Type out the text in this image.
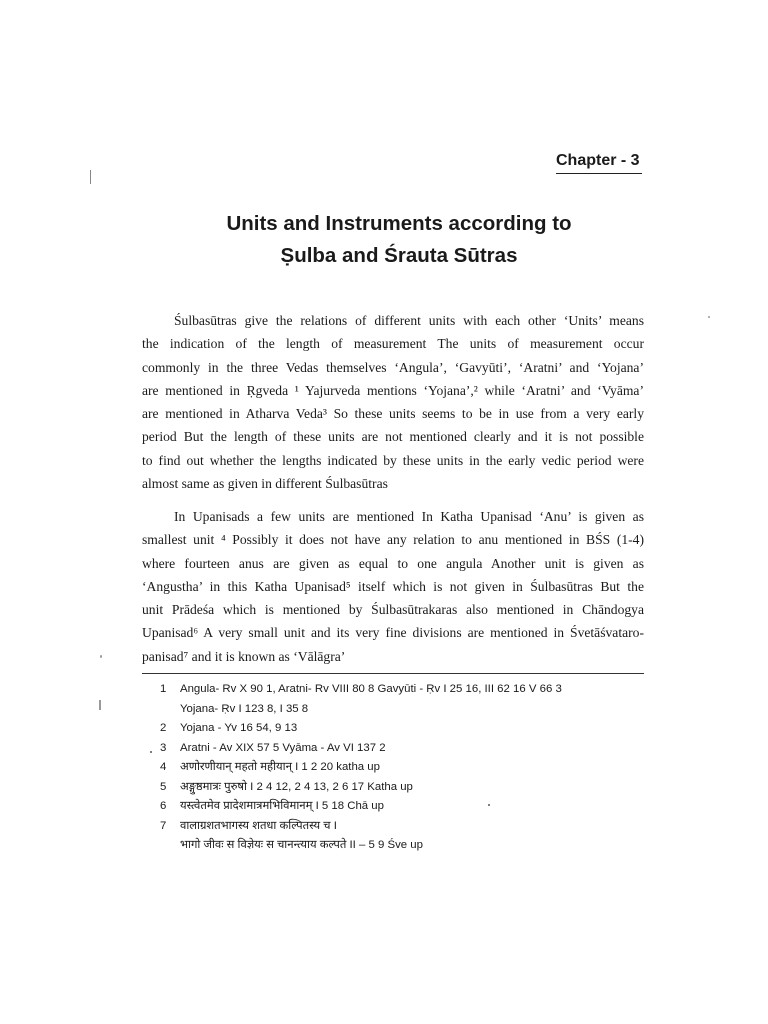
Chapter - 3
Units and Instruments according to
Ṣulba and Śrauta Sūtras
Śulbasūtras give the relations of different units with each other ‘Units’ means
the indication of the length of measurement The units of measurement occur
commonly in the three Vedas themselves ‘Angula’, ‘Gavyūti’, ‘Aratni’ and ‘Yojana’
are mentioned in Ṛgveda ¹ Yajurveda mentions ‘Yojana’,² while ‘Aratni’ and ‘Vyāma’
are mentioned in Atharva Veda³ So these units seems to be in use from a very early
period But the length of these units are not mentioned clearly and it is not possible
to find out whether the lengths indicated by these units in the early vedic period were
almost same as given in different Śulbasūtras
In Upanisads a few units are mentioned In Katha Upanisad ‘Anu’ is given as
smallest unit ⁴ Possibly it does not have any relation to anu mentioned in BŚS (1-4)
where fourteen anus are given as equal to one angula Another unit is given as
‘Angustha’ in this Katha Upanisad⁵ itself which is not given in Śulbasūtras But the
unit Prādeśa which is mentioned by Śulbasūtrakaras also mentioned in Chāndogya
Upanisad⁶ A very small unit and its very fine divisions are mentioned in Śvetāśvataro-
panisad⁷ and it is known as ‘Vālāgra’
1	Angula- Rv X 90 1, Aratni- Rv VIII 80 8 Gavyūti - Ṛv I 25 16, III 62 16 V 66 3
Yojana- Ṛv I 123 8, I 35 8
2	Yojana - Yv 16 54, 9 13
3	Aratni - Av XIX 57 5 Vyāma - Av VI 137 2
4	अणोरणीयान् महतो महीयान् I 1 2 20 katha up
5	अङ्गुष्ठमात्रः पुरुषो I 2 4 12, 2 4 13, 2 6 17 Katha up
6	यस्त्वेतमेव प्रादेशमात्रमभिविमानम् I 5 18 Chā up
7	वालाग्रशतभागस्य शतधा कल्पितस्य च I
भागो जीवः स विज्ञेयः स चानन्त्याय कल्पते II – 5 9 Śve up
